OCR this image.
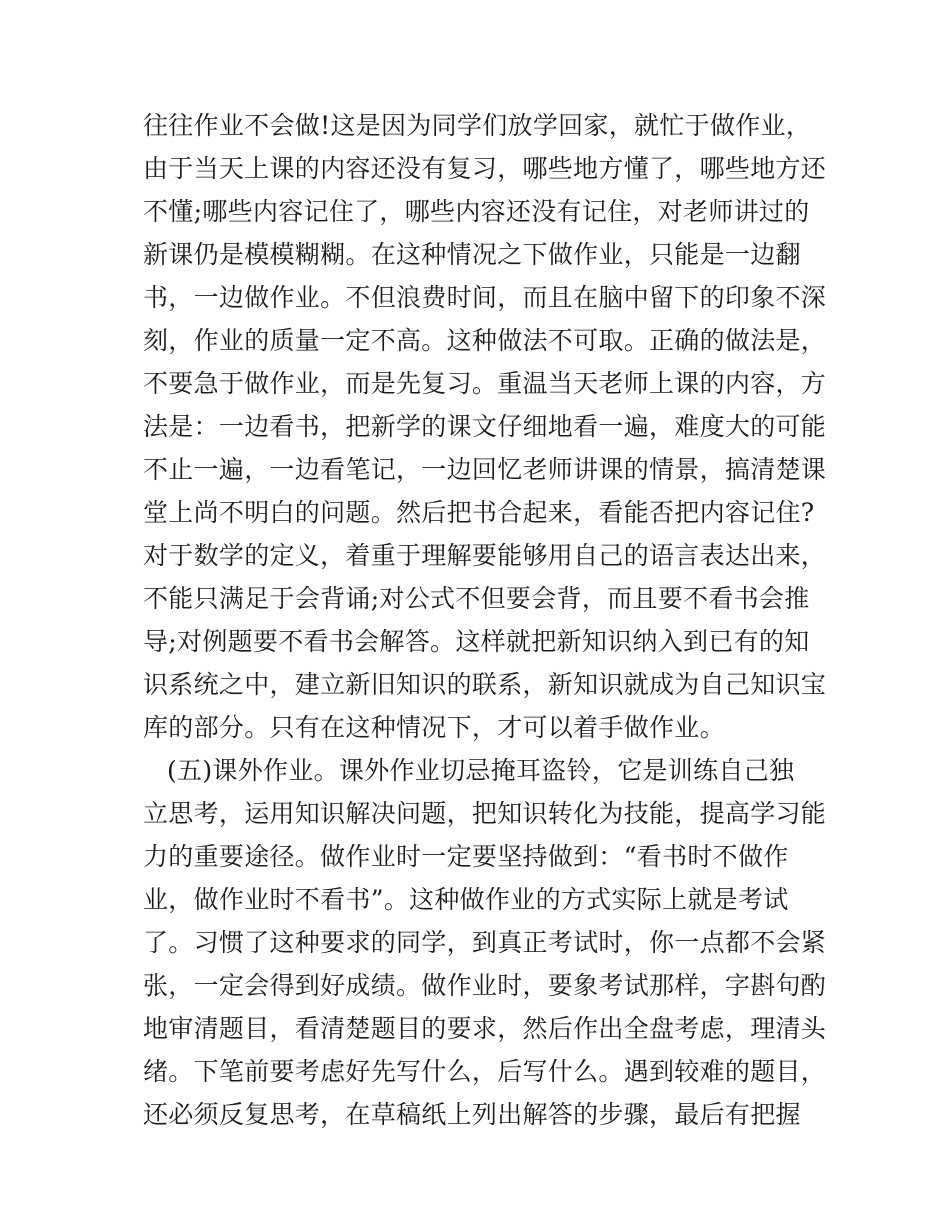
往往作业不会做!这是因为同学们放学回家，就忙于做作业，
由于当天上课的内容还没有复习，哪些地方懂了，哪些地方还
不懂;哪些内容记住了，哪些内容还没有记住，对老师讲过的
新课仍是模模糊糊。在这种情况之下做作业，只能是一边翻
书，一边做作业。不但浪费时间，而且在脑中留下的印象不深
刻，作业的质量一定不高。这种做法不可取。正确的做法是，
不要急于做作业，而是先复习。重温当天老师上课的内容，方
法是：一边看书，把新学的课文仔细地看一遍，难度大的可能
不止一遍，一边看笔记，一边回忆老师讲课的情景，搞清楚课
堂上尚不明白的问题。然后把书合起来，看能否把内容记住?
对于数学的定义，着重于理解要能够用自己的语言表达出来，
不能只满足于会背诵;对公式不但要会背，而且要不看书会推
导;对例题要不看书会解答。这样就把新知识纳入到已有的知
识系统之中，建立新旧知识的联系，新知识就成为自己知识宝
库的部分。只有在这种情况下，才可以着手做作业。
(五)课外作业。课外作业切忌掩耳盗铃，它是训练自己独
立思考，运用知识解决问题，把知识转化为技能，提高学习能
力的重要途径。做作业时一定要坚持做到：“看书时不做作
业，做作业时不看书”。这种做作业的方式实际上就是考试
了。习惯了这种要求的同学，到真正考试时，你一点都不会紧
张，一定会得到好成绩。做作业时，要象考试那样，字斟句酌
地审清题目，看清楚题目的要求，然后作出全盘考虑，理清头
绪。下笔前要考虑好先写什么，后写什么。遇到较难的题目，
还必须反复思考，在草稿纸上列出解答的步骤，最后有把握
